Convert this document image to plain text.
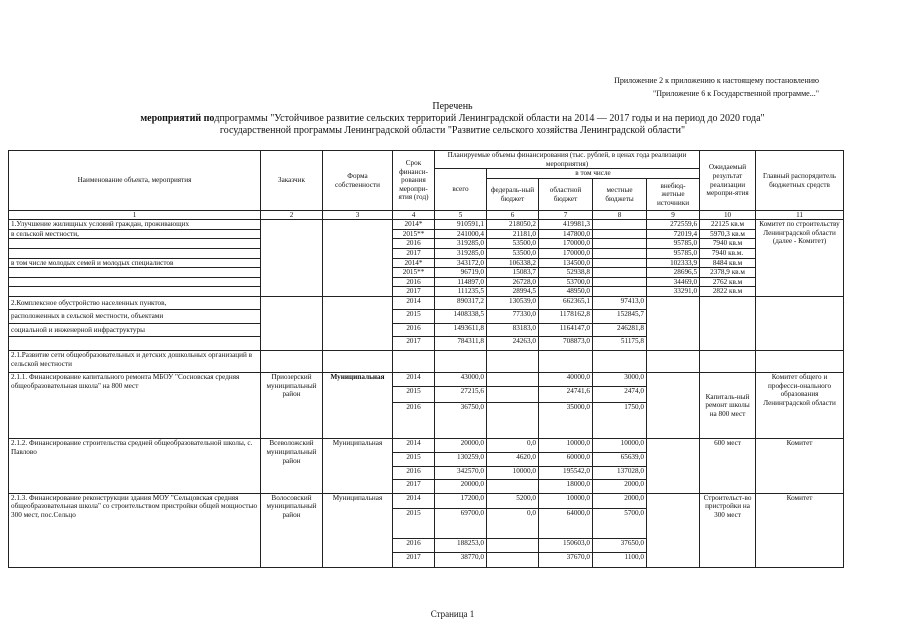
Приложение 2 к приложению к настоящему постановлению
"Приложение 6 к Государственной программе..."
Перечень
мероприятий подпрограммы "Устойчивое развитие сельских территорий Ленинградской области на 2014 — 2017 годы и на период до 2020 года"
государственной программы Ленинградской области "Развитие сельского хозяйства Ленинградской области"
Наименование объекта, мероприятия	Заказчик	Форма собственности	Срок финанси-рования меропри-ятия (год)	Планируемые объемы финансирования (тыс. рублей, в ценах года реализации мероприятия)					Ожидаемый резулътат реализации меропри-ятия	Главный распорядитель бюджетных средств
				всего	в том числе					
					федераль-ный бюджет	областной бюджет	местные бюджеты	внебюд-жетные источники		
1	2	3	4	5	6	7	8	9	10	11
1.Улучшение жилищных условий граждан, проживающих			2014*	910591,1	218050,2	419981,3		272559,6	22125 кв.м	Комитет по строительству Ленинградской области (далее - Комитет)
в сельской местности,			2015**	241000,4	21181,0	147800,0		72019,4	5970,3 кв.м	
			2016	319285,0	53500,0	170000,0		95785,0	7940 кв.м	
			2017	319285,0	53500,0	170000,0		95785,0	7940 кв.м.	
в том числе молодых семей и молодых специалистов			2014*	343172,0	106338,2	134500,0		102333,9	8484 кв.м	
			2015**	96719,0	15083,7	52938,8		28696,5	2378,9 кв.м	
			2016	114897,0	26728,0	53700,0		34469,0	2762 кв.м	
			2017	111235,5	28994,5	48950,0		33291,0	2822 кв.м	
2.Комплексное обустройство населенных пунктов,			2014	890317,2	130539,0	662365,1	97413,0			
расположенных в сельской местности, объектами			2015	1408338,5	77330,0	1178162,8	152845,7			
социальной и инженерной инфраструктуры			2016	1493611,8	83183,0	1164147,0	246281,8			
			2017	784311,8	24263,0	708873,0	51175,8			
2.1.Развитие сети общеобразовательных и детских дошкольных организаций в сельской местности										
2.1.1. Финансирование капитального ремонта МБОУ "Сосновская средняя общеобразовательная школа" на 800 мест	Приозерский муниципальный район	Муниципальная	2014	43000,0		40000,0	3000,0		Капиталь-ный ремонт школы на 800 мест	Комитет общего и професси-онального образования Ленинградской области
			2015	27215,6		24741,6	2474,0			
			2016	36750,0		35000,0	1750,0			
2.1.2. Финансирование строительства средней общеобразовательной школы, с. Павлово	Всеволожский муниципальный район	Муниципальная	2014	20000,0	0,0	10000,0	10000,0		600 мест	Комитет
			2015	130259,0	4620,0	60000,0	65639,0			
			2016	342570,0	10000,0	195542,0	137028,0			
			2017	20000,0		18000,0	2000,0			
2.1.3. Финансирование реконструкции здания МОУ "Сельцовская средняя общеобразовательная школа" со строительством пристройки общей мощностью 300 мест, пос.Сельцо	Волосовский муниципальный район	Муниципальная	2014	17200,0	5200,0	10000,0	2000,0		Строительст-во пристройки на 300 мест	Комитет
			2015	69700,0	0,0	64000,0	5700,0			
			2016	188253,0		150603,0	37650,0			
			2017	38770,0		37670,0	1100,0			
Страница 1
